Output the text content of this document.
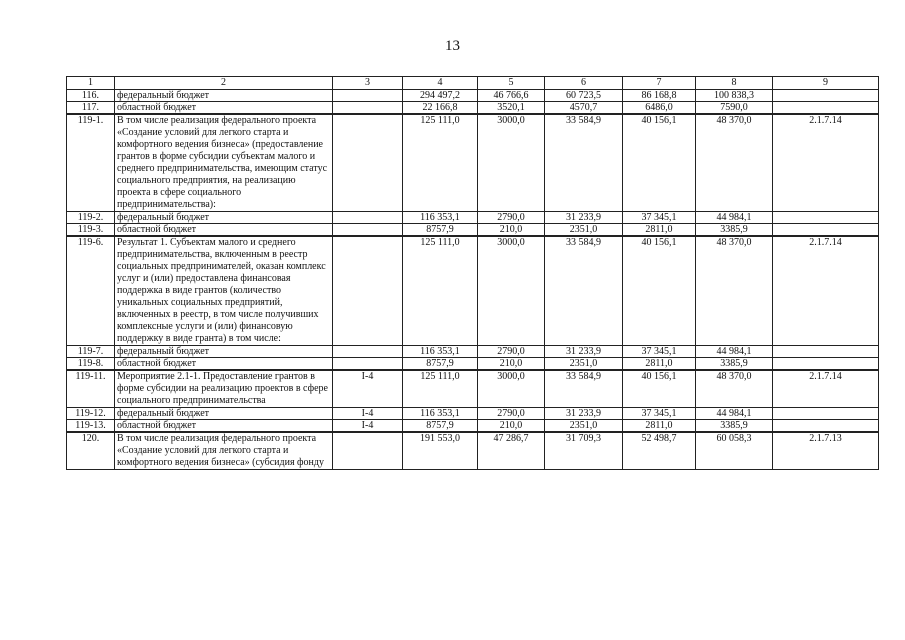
13
1	2	3	4	5	6	7	8	9
116.	федеральный бюджет		294 497,2	46 766,6	60 723,5	86 168,8	100 838,3	
117.	областной бюджет		22 166,8	3520,1	4570,7	6486,0	7590,0	
119-1.	В том числе реализация федерального проекта «Создание условий для легкого старта и комфортного ведения бизнеса» (предоставление грантов в форме субсидии субъектам малого и среднего предпринимательства, имеющим статус социального предприятия, на реализацию проекта в сфере социального предпринимательства):		125 111,0	3000,0	33 584,9	40 156,1	48 370,0	2.1.7.14
119-2.	федеральный бюджет		116 353,1	2790,0	31 233,9	37 345,1	44 984,1	
119-3.	областной бюджет		8757,9	210,0	2351,0	2811,0	3385,9	
119-6.	Результат 1. Субъектам малого и среднего предпринимательства, включенным в реестр социальных предпринимателей, оказан комплекс услуг и (или) предоставлена финансовая поддержка в виде грантов (количество уникальных социальных предприятий, включенных в реестр, в том числе получивших комплексные услуги и (или) финансовую поддержку в виде гранта) в том числе:		125 111,0	3000,0	33 584,9	40 156,1	48 370,0	2.1.7.14
119-7.	федеральный бюджет		116 353,1	2790,0	31 233,9	37 345,1	44 984,1	
119-8.	областной бюджет		8757,9	210,0	2351,0	2811,0	3385,9	
119-11.	Мероприятие 2.1-1. Предоставление грантов в форме субсидии на реализацию проектов в сфере социального предпринимательства	I-4	125 111,0	3000,0	33 584,9	40 156,1	48 370,0	2.1.7.14
119-12.	федеральный бюджет	I-4	116 353,1	2790,0	31 233,9	37 345,1	44 984,1	
119-13.	областной бюджет	I-4	8757,9	210,0	2351,0	2811,0	3385,9	
120.	В том числе реализация федерального проекта «Создание условий для легкого старта и комфортного ведения бизнеса» (субсидия фонду		191 553,0	47 286,7	31 709,3	52 498,7	60 058,3	2.1.7.13
